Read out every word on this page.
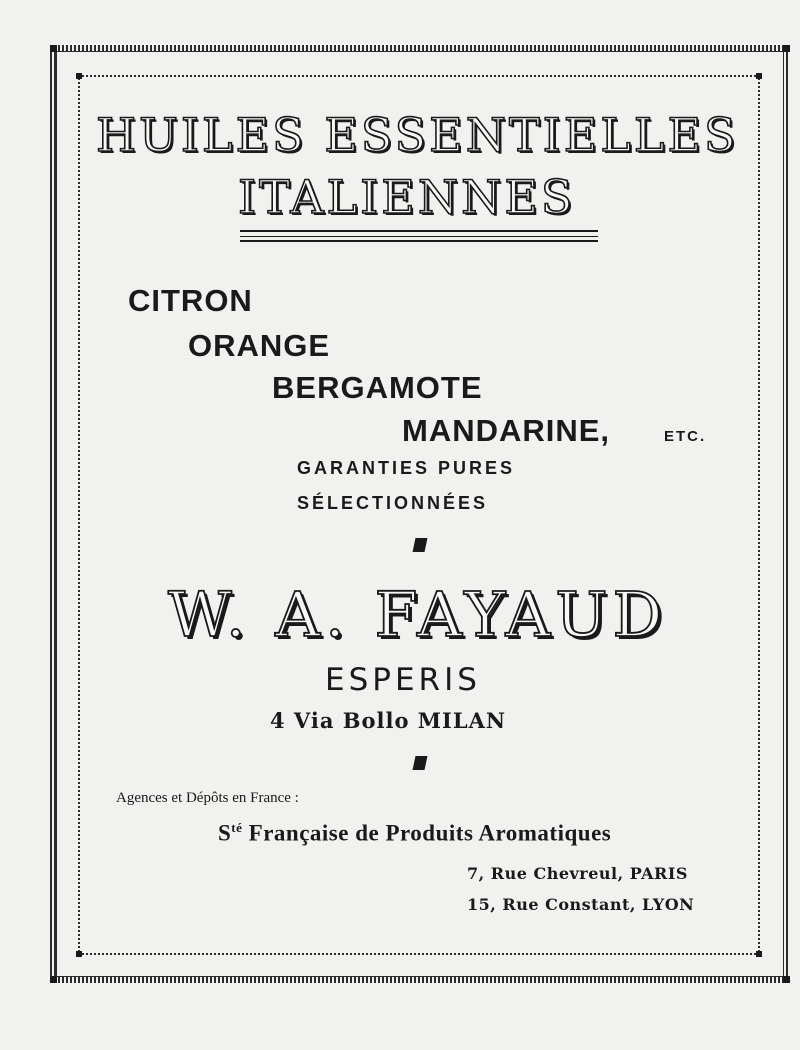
HUILES ESSENTIELLES
ITALIENNES
CITRON
ORANGE
BERGAMOTE
MANDARINE,	ETC.
GARANTIES PURES
SÉLECTIONNÉES
W. A. FAYAUD
ESPERIS
4 Via Bollo MILAN
Agences et Dépôts en France :
$S^{té}$ Française de Produits Aromatiques
7, Rue Chevreul, PARIS
15, Rue Constant, LYON
